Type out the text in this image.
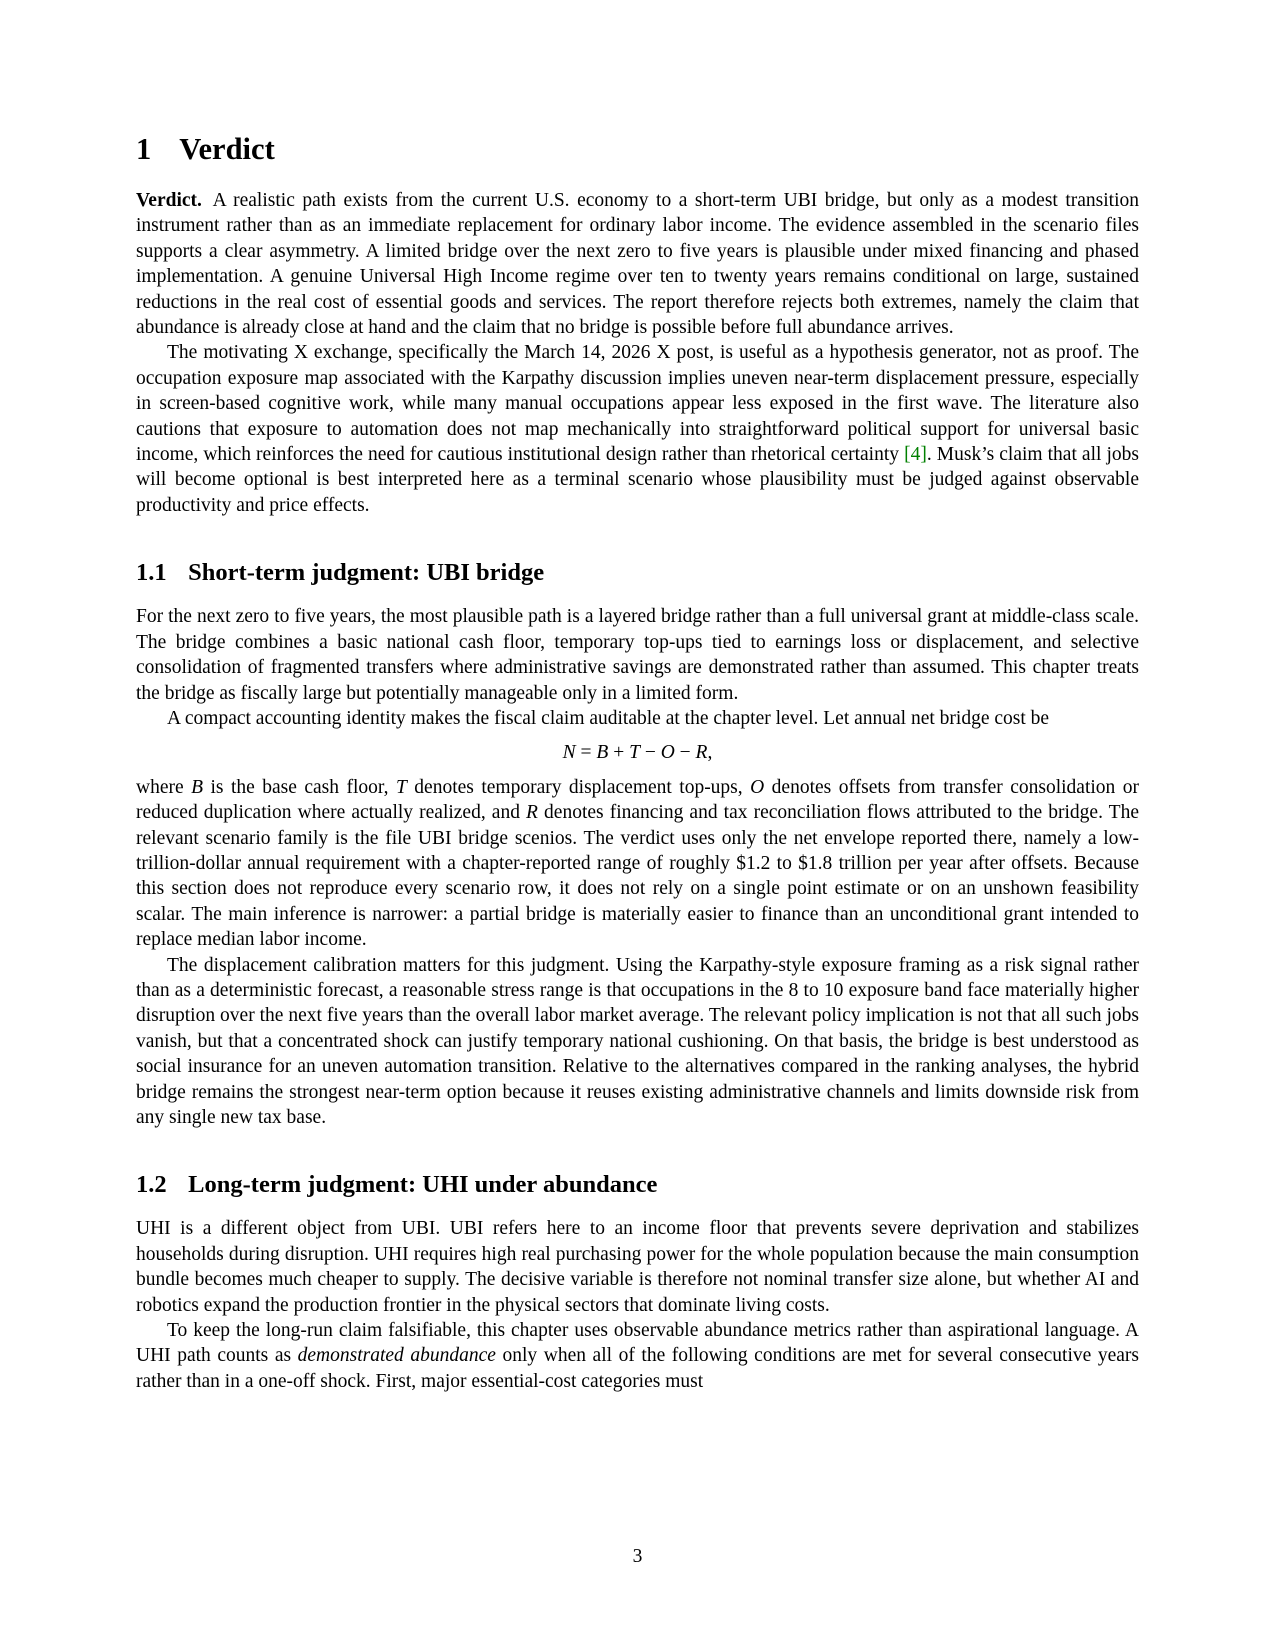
1 Verdict

Verdict. A realistic path exists from the current U.S. economy to a short-term UBI bridge, but only as a modest transition instrument rather than as an immediate replacement for ordinary labor income. The evidence assembled in the scenario files supports a clear asymmetry. A limited bridge over the next zero to five years is plausible under mixed financing and phased implementation. A genuine Universal High Income regime over ten to twenty years remains conditional on large, sustained reductions in the real cost of essential goods and services. The report therefore rejects both extremes, namely the claim that abundance is already close at hand and the claim that no bridge is possible before full abundance arrives.

The motivating X exchange, specifically the March 14, 2026 X post, is useful as a hypothesis generator, not as proof. The occupation exposure map associated with the Karpathy discussion implies uneven near-term displacement pressure, especially in screen-based cognitive work, while many manual occupations appear less exposed in the first wave. The literature also cautions that exposure to automation does not map mechanically into straightforward political support for universal basic income, which reinforces the need for cautious institutional design rather than rhetorical certainty [4]. Musk’s claim that all jobs will become optional is best interpreted here as a terminal scenario whose plausibility must be judged against observable productivity and price effects.

1.1 Short-term judgment: UBI bridge

For the next zero to five years, the most plausible path is a layered bridge rather than a full universal grant at middle-class scale. The bridge combines a basic national cash floor, temporary top-ups tied to earnings loss or displacement, and selective consolidation of fragmented transfers where administrative savings are demonstrated rather than assumed. This chapter treats the bridge as fiscally large but potentially manageable only in a limited form.

A compact accounting identity makes the fiscal claim auditable at the chapter level. Let annual net bridge cost be

N = B + T − O − R,

where B is the base cash floor, T denotes temporary displacement top-ups, O denotes offsets from transfer consolidation or reduced duplication where actually realized, and R denotes financing and tax reconciliation flows attributed to the bridge. The relevant scenario family is the file UBI bridge scenios. The verdict uses only the net envelope reported there, namely a low-trillion-dollar annual requirement with a chapter-reported range of roughly $1.2 to $1.8 trillion per year after offsets. Because this section does not reproduce every scenario row, it does not rely on a single point estimate or on an unshown feasibility scalar. The main inference is narrower: a partial bridge is materially easier to finance than an unconditional grant intended to replace median labor income.

The displacement calibration matters for this judgment. Using the Karpathy-style exposure framing as a risk signal rather than as a deterministic forecast, a reasonable stress range is that occupations in the 8 to 10 exposure band face materially higher disruption over the next five years than the overall labor market average. The relevant policy implication is not that all such jobs vanish, but that a concentrated shock can justify temporary national cushioning. On that basis, the bridge is best understood as social insurance for an uneven automation transition. Relative to the alternatives compared in the ranking analyses, the hybrid bridge remains the strongest near-term option because it reuses existing administrative channels and limits downside risk from any single new tax base.

1.2 Long-term judgment: UHI under abundance

UHI is a different object from UBI. UBI refers here to an income floor that prevents severe deprivation and stabilizes households during disruption. UHI requires high real purchasing power for the whole population because the main consumption bundle becomes much cheaper to supply. The decisive variable is therefore not nominal transfer size alone, but whether AI and robotics expand the production frontier in the physical sectors that dominate living costs.

To keep the long-run claim falsifiable, this chapter uses observable abundance metrics rather than aspirational language. A UHI path counts as demonstrated abundance only when all of the following conditions are met for several consecutive years rather than in a one-off shock. First, major essential-cost categories must

3
